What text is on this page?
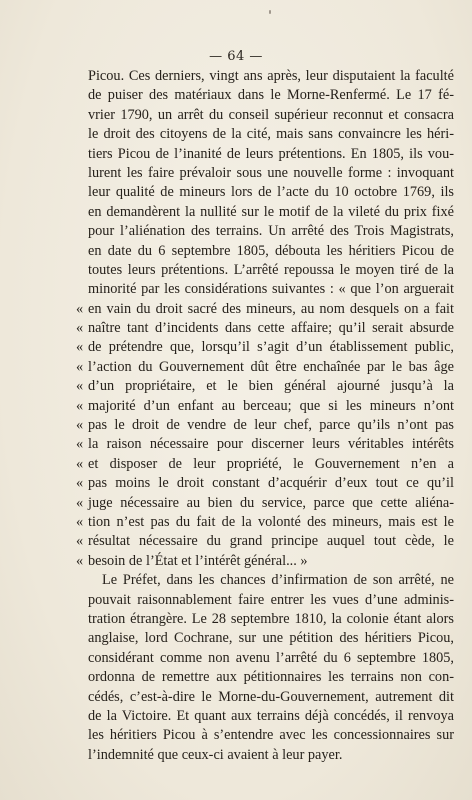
— 64 —
Picou. Ces derniers, vingt ans après, leur disputaient la faculté
de puiser des matériaux dans le Morne-Renfermé. Le 17 fé-
vrier 1790, un arrêt du conseil supérieur reconnut et consacra
le droit des citoyens de la cité, mais sans convaincre les héri-
tiers Picou de l’inanité de leurs prétentions. En 1805, ils vou-
lurent les faire prévaloir sous une nouvelle forme : invoquant
leur qualité de mineurs lors de l’acte du 10 octobre 1769, ils
en demandèrent la nullité sur le motif de la vileté du prix fixé
pour l’aliénation des terrains. Un arrêté des Trois Magistrats,
en date du 6 septembre 1805, débouta les héritiers Picou de
toutes leurs prétentions. L’arrêté repoussa le moyen tiré de la
minorité par les considérations suivantes : « que l’on arguerait
« en vain du droit sacré des mineurs, au nom desquels on a fait
« naître tant d’incidents dans cette affaire; qu’il serait absurde
« de prétendre que, lorsqu’il s’agit d’un établissement public,
« l’action du Gouvernement dût être enchaînée par le bas âge
« d’un propriétaire, et le bien général ajourné jusqu’à la
« majorité d’un enfant au berceau; que si les mineurs n’ont
« pas le droit de vendre de leur chef, parce qu’ils n’ont pas
« la raison nécessaire pour discerner leurs véritables intérêts
« et disposer de leur propriété, le Gouvernement n’en a
« pas moins le droit constant d’acquérir d’eux tout ce qu’il
« juge nécessaire au bien du service, parce que cette aliéna-
« tion n’est pas du fait de la volonté des mineurs, mais est le
« résultat nécessaire du grand principe auquel tout cède, le
« besoin de l’État et l’intérêt général... »
Le Préfet, dans les chances d’infirmation de son arrêté, ne
pouvait raisonnablement faire entrer les vues d’une adminis-
tration étrangère. Le 28 septembre 1810, la colonie étant alors
anglaise, lord Cochrane, sur une pétition des héritiers Picou,
considérant comme non avenu l’arrêté du 6 septembre 1805,
ordonna de remettre aux pétitionnaires les terrains non con-
cédés, c’est-à-dire le Morne-du-Gouvernement, autrement dit
de la Victoire. Et quant aux terrains déjà concédés, il renvoya
les héritiers Picou à s’entendre avec les concessionnaires sur
l’indemnité que ceux-ci avaient à leur payer.
